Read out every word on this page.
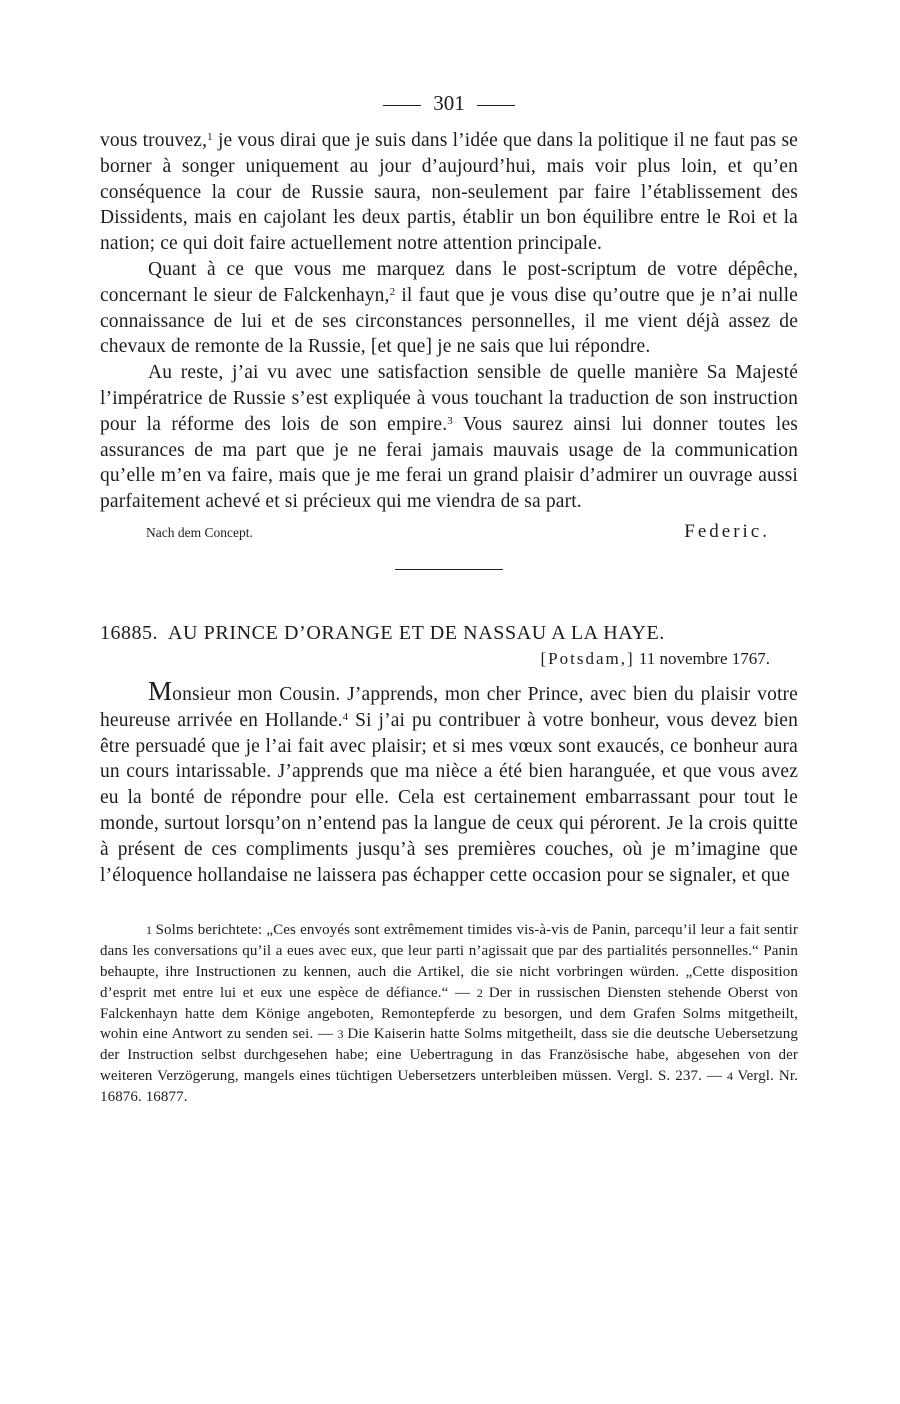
301

vous trouvez,$^1$ je vous dirai que je suis dans l’idée que dans la politique il ne faut pas se borner à songer uniquement au jour d’aujourd’hui, mais voir plus loin, et qu’en conséquence la cour de Russie saura, non-seulement par faire l’établissement des Dissidents, mais en cajolant les deux partis, établir un bon équilibre entre le Roi et la nation; ce qui doit faire actuellement notre attention principale.

Quant à ce que vous me marquez dans le post-scriptum de votre dépêche, concernant le sieur de Falckenhayn,$^2$ il faut que je vous dise qu’outre que je n’ai nulle connaissance de lui et de ses circonstances personnelles, il me vient déjà assez de chevaux de remonte de la Russie, [et que] je ne sais que lui répondre.

Au reste, j’ai vu avec une satisfaction sensible de quelle manière Sa Majesté l’impératrice de Russie s’est expliquée à vous touchant la traduction de son instruction pour la réforme des lois de son empire.$^3$ Vous saurez ainsi lui donner toutes les assurances de ma part que je ne ferai jamais mauvais usage de la communication qu’elle m’en va faire, mais que je me ferai un grand plaisir d’admirer un ouvrage aussi parfaitement achevé et si précieux qui me viendra de sa part.

Nach dem Concept.	Federic.
16885. AU PRINCE D’ORANGE ET DE NASSAU A LA HAYE.
[Potsdam,] 11 novembre 1767.

Monsieur mon Cousin. J’apprends, mon cher Prince, avec bien du plaisir votre heureuse arrivée en Hollande.$^4$ Si j’ai pu contribuer à votre bonheur, vous devez bien être persuadé que je l’ai fait avec plaisir; et si mes vœux sont exaucés, ce bonheur aura un cours intarissable. J’apprends que ma nièce a été bien haranguée, et que vous avez eu la bonté de répondre pour elle. Cela est certainement embarrassant pour tout le monde, surtout lorsqu’on n’entend pas la langue de ceux qui pérorent. Je la crois quitte à présent de ces compliments jusqu’à ses premières couches, où je m’imagine que l’éloquence hollandaise ne laissera pas échapper cette occasion pour se signaler, et que

1 Solms berichtete: „Ces envoyés sont extrêmement timides vis-à-vis de Panin, parcequ’il leur a fait sentir dans les conversations qu’il a eues avec eux, que leur parti n’agissait que par des partialités personnelles.“ Panin behaupte, ihre Instructionen zu kennen, auch die Artikel, die sie nicht vorbringen würden. „Cette disposition d’esprit met entre lui et eux une espèce de défiance.“ — 2 Der in russischen Diensten stehende Oberst von Falckenhayn hatte dem Könige angeboten, Remontepferde zu besorgen, und dem Grafen Solms mitgetheilt, wohin eine Antwort zu senden sei. — 3 Die Kaiserin hatte Solms mitgetheilt, dass sie die deutsche Uebersetzung der Instruction selbst durchgesehen habe; eine Uebertragung in das Französische habe, abgesehen von der weiteren Verzögerung, mangels eines tüchtigen Uebersetzers unterbleiben müssen. Vergl. S. 237. — 4 Vergl. Nr. 16876. 16877.
